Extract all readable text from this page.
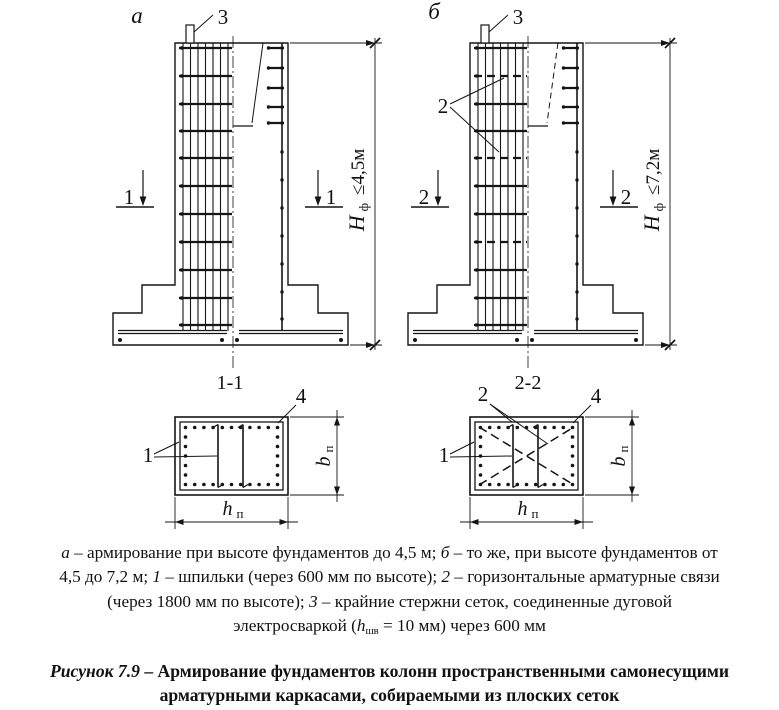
а	3
1	1
H $_ф$ ≤4,5м
б	3
2
2	2
H $_ф$ ≤7,2м
1-1
4
1
h п
b п
2-2
2	4
1
h п
b п
а – армирование при высоте фундаментов до 4,5 м; б – то же, при высоте фундаментов от
4,5 до 7,2 м; 1 – шпильки (через 600 мм по высоте); 2 – горизонтальные арматурные связи
(через 1800 мм по высоте); 3 – крайние стержни сеток, соединенные дуговой
электросваркой (hшв = 10 мм) через 600 мм
Рисунок 7.9 – Армирование фундаментов колонн пространственными самонесущими
арматурными каркасами, собираемыми из плоских сеток
